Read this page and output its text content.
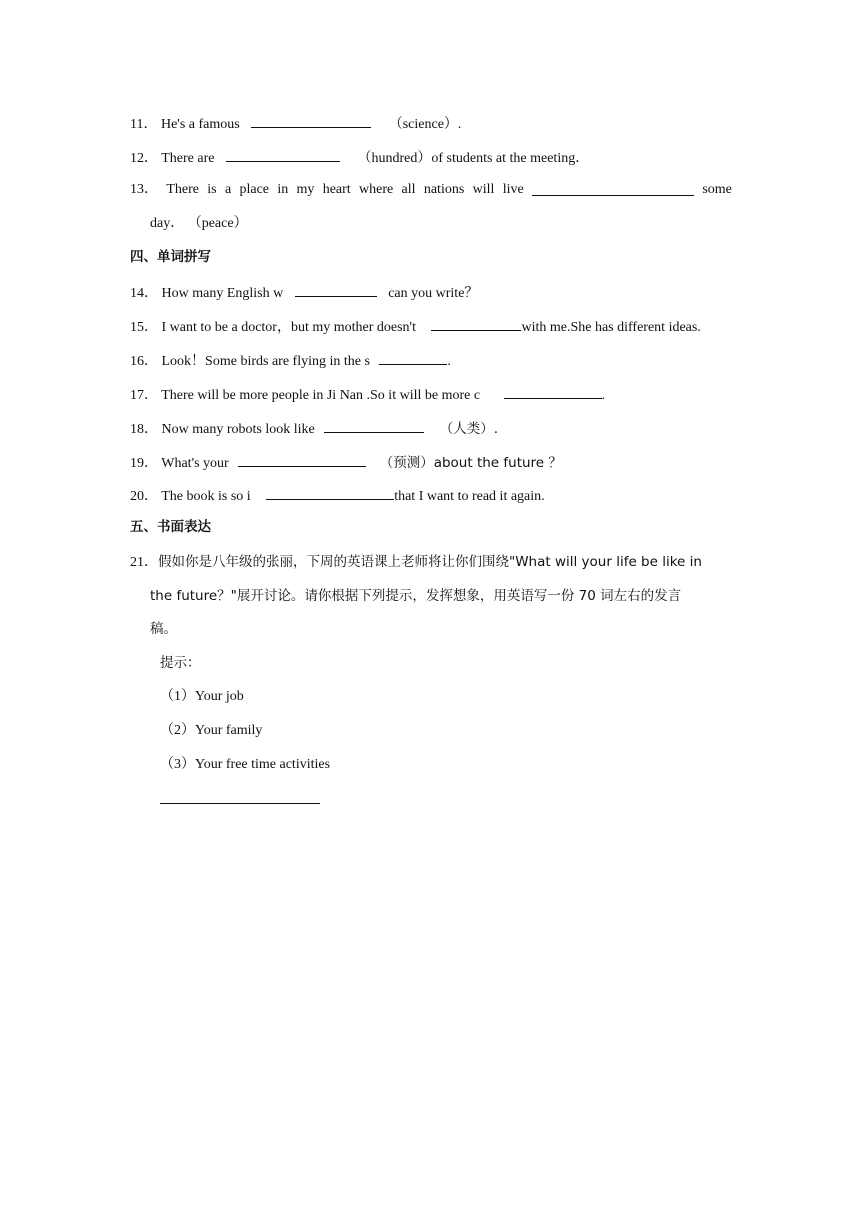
11． He's a famous	（science）.
12． There are	（hundred）of students at the meeting．
13． There is a place in my heart where all nations will live	some
day． （peace）
四、单词拼写
14． How many English w	can you write？
15． I want to be a doctor，but my mother doesn't	with me.She has different ideas.
16． Look！Some birds are flying in the s	.
17． There will be more people in Ji Nan .So it will be more c	.
18． Now many robots look like	（人类）.
19． What's your	（预测）about the future ？
20． The book is so i	that I want to read it again.
五、书面表达
21．假如你是八年级的张丽，下周的英语课上老师将让你们围绕"What will your life be like in
the future？"展开讨论。请你根据下列提示，发挥想象，用英语写一份 70 词左右的发言
稿。
提示：
（1）Your job
（2）Your family
（3）Your free time activities
